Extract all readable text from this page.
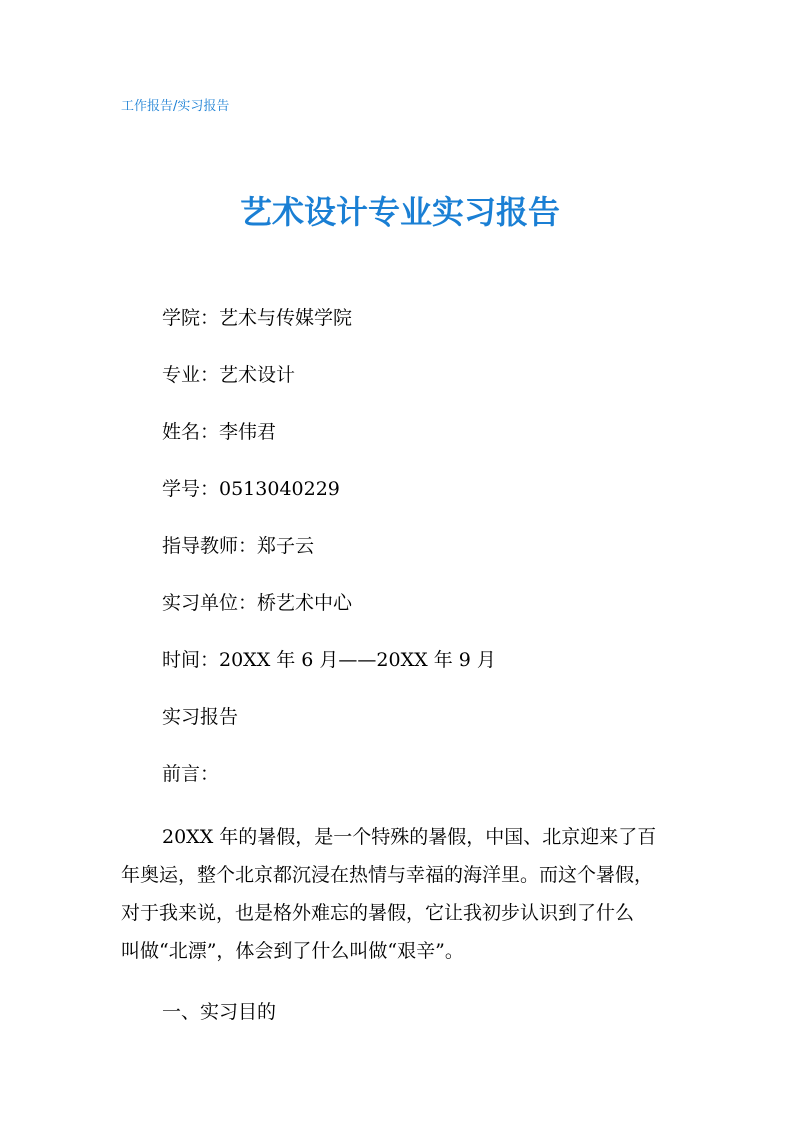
工作报告/实习报告
艺术设计专业实习报告
学院：艺术与传媒学院
专业：艺术设计
姓名：李伟君
学号：0513040229
指导教师：郑子云
实习单位：桥艺术中心
时间：20XX 年 6 月——20XX 年 9 月
实习报告
前言：
20XX 年的暑假，是一个特殊的暑假，中国、北京迎来了百
年奥运，整个北京都沉浸在热情与幸福的海洋里。而这个暑假，
对于我来说，也是格外难忘的暑假，它让我初步认识到了什么
叫做“北漂”，体会到了什么叫做“艰辛”。
一、实习目的
